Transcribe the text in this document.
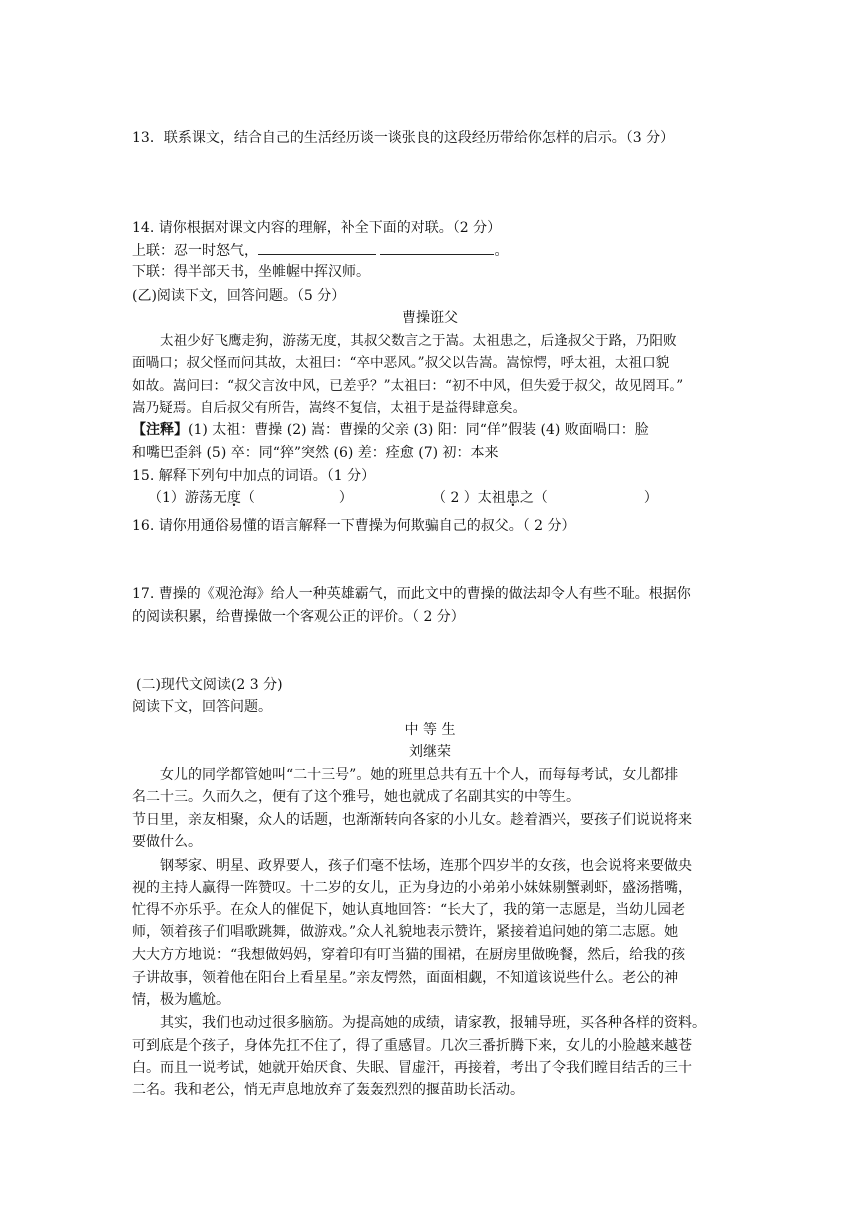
13．联系课文，结合自己的生活经历谈一谈张良的这段经历带给你怎样的启示。（3 分）
14. 请你根据对课文内容的理解，补全下面的对联。（2 分）
上联：忍一时怒气，	。
下联：得半部天书，坐帷幄中挥汉师。
(乙)阅读下文，回答问题。（5 分）
曹操诳父
太祖少好飞鹰走狗，游荡无度，其叔父数言之于嵩。太祖患之，后逢叔父于路，乃阳败
面喎口；叔父怪而问其故，太祖曰：“卒中恶风。”叔父以告嵩。嵩惊愕，呼太祖，太祖口貌
如故。嵩问曰：“叔父言汝中风，已差乎？”太祖曰：“初不中风，但失爱于叔父，故见罔耳。”
嵩乃疑焉。自后叔父有所告，嵩终不复信，太祖于是益得肆意矣。
【注释】(1) 太祖：曹操 (2) 嵩：曹操的父亲 (3) 阳：同“佯”假装 (4) 败面喎口：脸
和嘴巴歪斜 (5) 卒：同“猝”突然 (6) 差：痊愈 (7) 初：本来
15. 解释下列句中加点的词语。（1 分）
（1）游荡无度（	）	（ 2 ）太祖患之（	）
16. 请你用通俗易懂的语言解释一下曹操为何欺骗自己的叔父。（ 2 分）
17. 曹操的《观沧海》给人一种英雄霸气，而此文中的曹操的做法却令人有些不耻。根据你
的阅读积累，给曹操做一个客观公正的评价。（ 2 分）
(二)现代文阅读(2 3 分)
阅读下文，回答问题。
中 等 生
刘继荣
女儿的同学都管她叫“二十三号”。她的班里总共有五十个人，而每每考试，女儿都排
名二十三。久而久之，便有了这个雅号，她也就成了名副其实的中等生。
节日里，亲友相聚，众人的话题，也渐渐转向各家的小儿女。趁着酒兴，要孩子们说说将来
要做什么。
钢琴家、明星、政界要人，孩子们毫不怯场，连那个四岁半的女孩，也会说将来要做央
视的主持人赢得一阵赞叹。十二岁的女儿，正为身边的小弟弟小妹妹剔蟹剥虾，盛汤揩嘴，
忙得不亦乐乎。在众人的催促下，她认真地回答：“长大了，我的第一志愿是，当幼儿园老
师，领着孩子们唱歌跳舞，做游戏。”众人礼貌地表示赞许，紧接着追问她的第二志愿。她
大大方方地说：“我想做妈妈，穿着印有叮当猫的围裙，在厨房里做晚餐，然后，给我的孩
子讲故事，领着他在阳台上看星星。”亲友愕然，面面相觑，不知道该说些什么。老公的神
情，极为尴尬。
其实，我们也动过很多脑筋。为提高她的成绩，请家教，报辅导班，买各种各样的资料。
可到底是个孩子，身体先扛不住了，得了重感冒。几次三番折腾下来，女儿的小脸越来越苍
白。而且一说考试，她就开始厌食、失眠、冒虚汗，再接着，考出了令我们瞠目结舌的三十
二名。我和老公，悄无声息地放弃了轰轰烈烈的揠苗助长活动。
